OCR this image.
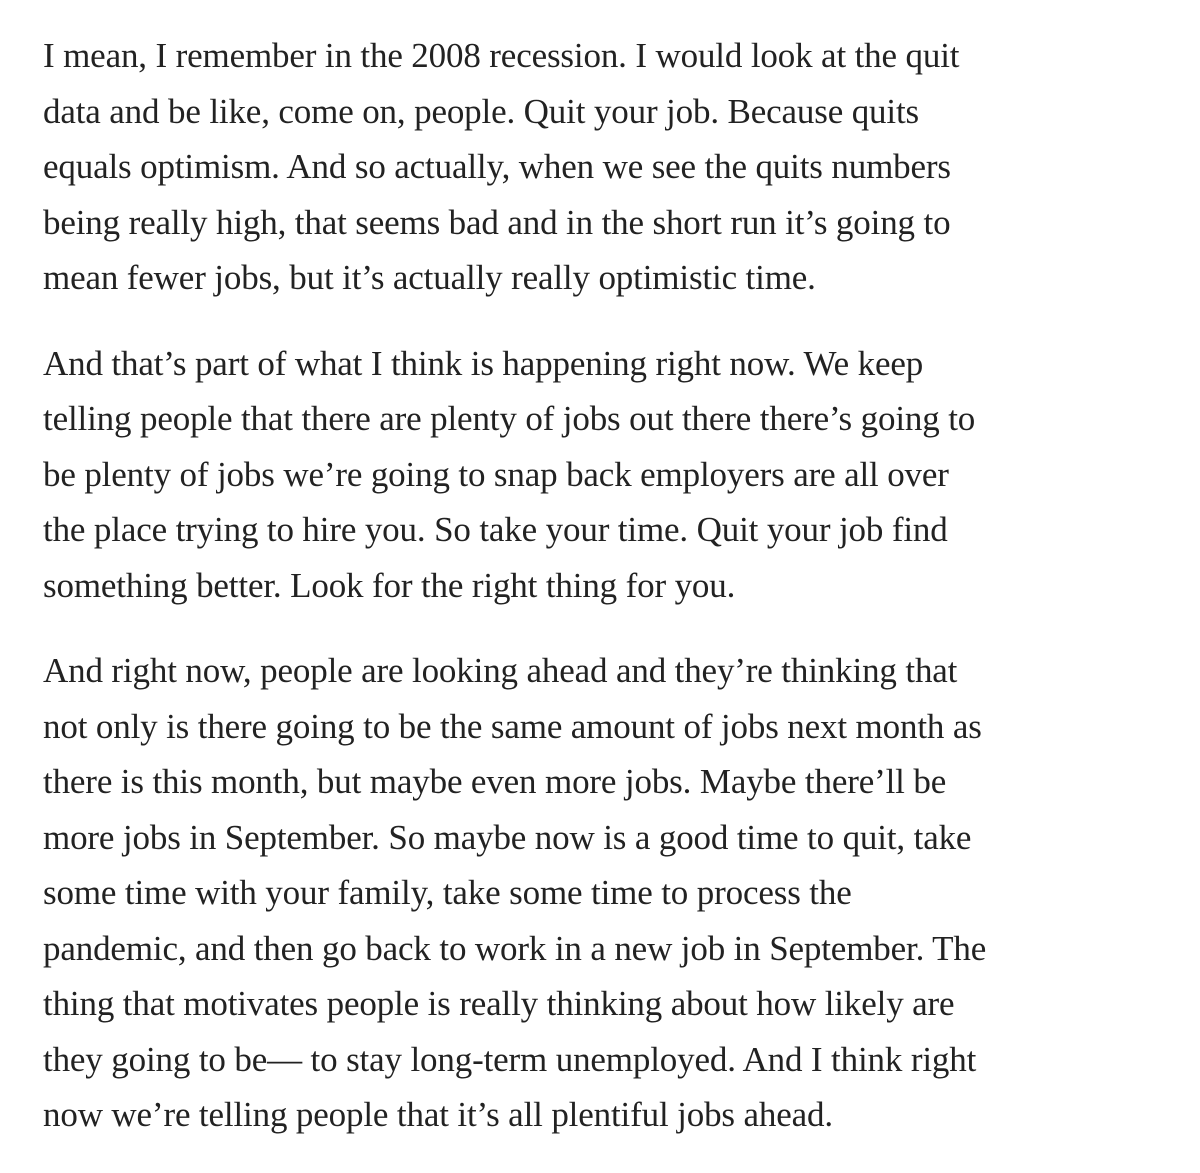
I mean, I remember in the 2008 recession. I would look at the quit
data and be like, come on, people. Quit your job. Because quits
equals optimism. And so actually, when we see the quits numbers
being really high, that seems bad and in the short run it’s going to
mean fewer jobs, but it’s actually really optimistic time.

And that’s part of what I think is happening right now. We keep
telling people that there are plenty of jobs out there there’s going to
be plenty of jobs we’re going to snap back employers are all over
the place trying to hire you. So take your time. Quit your job find
something better. Look for the right thing for you.

And right now, people are looking ahead and they’re thinking that
not only is there going to be the same amount of jobs next month as
there is this month, but maybe even more jobs. Maybe there’ll be
more jobs in September. So maybe now is a good time to quit, take
some time with your family, take some time to process the
pandemic, and then go back to work in a new job in September. The
thing that motivates people is really thinking about how likely are
they going to be— to stay long-term unemployed. And I think right
now we’re telling people that it’s all plentiful jobs ahead.
